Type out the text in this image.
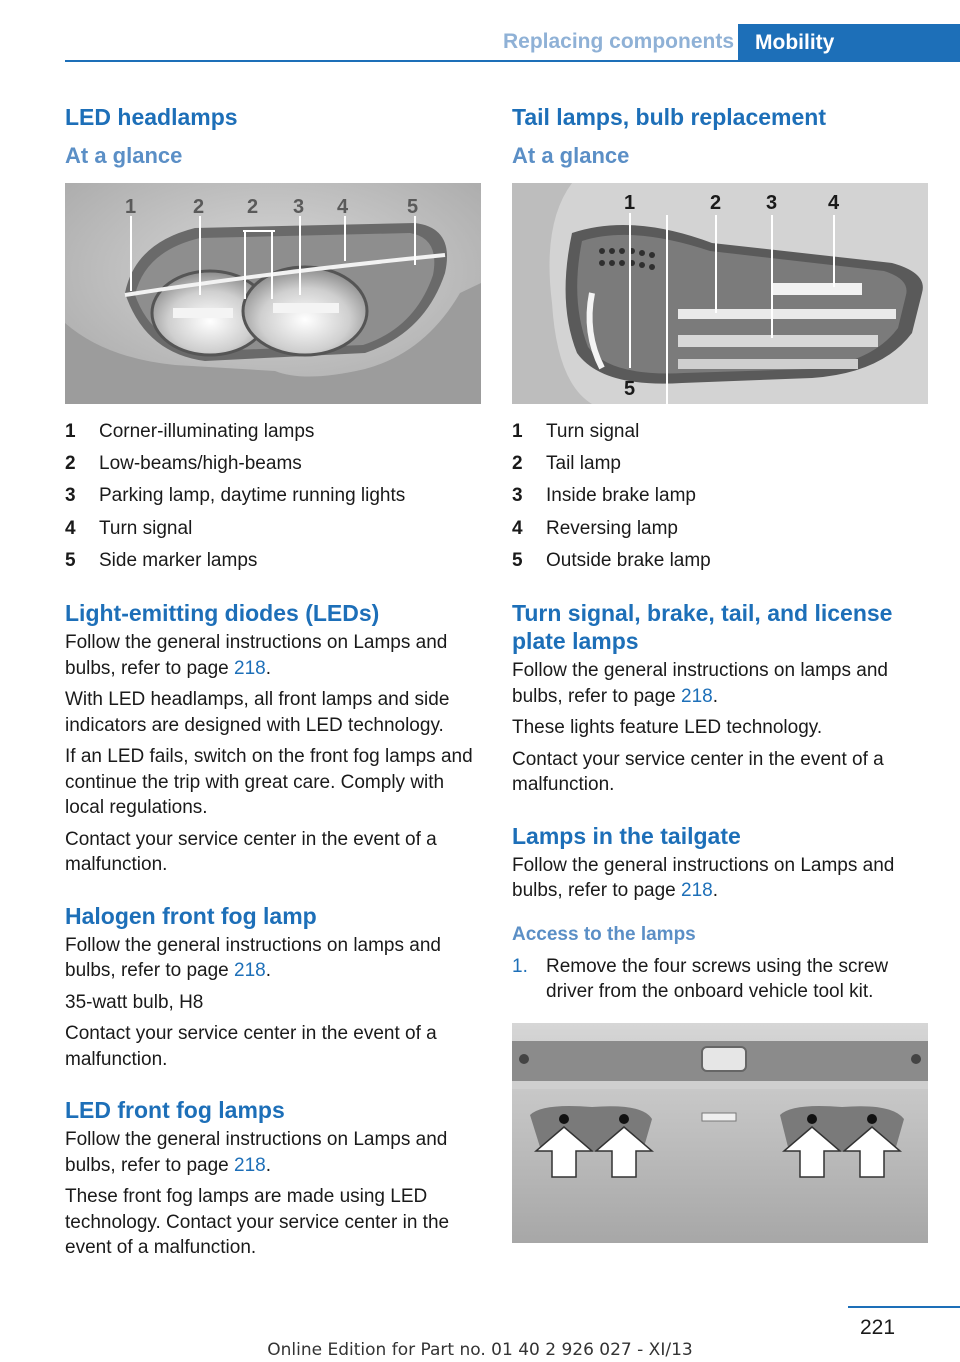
Replacing components	Mobility
LED headlamps
At a glance
1	2 2 3 4	5
1	Corner-illuminating lamps
2	Low-beams/high-beams
3	Parking lamp, daytime running lights
4	Turn signal
5	Side marker lamps
Light-emitting diodes (LEDs)

Follow the general instructions on Lamps and bulbs, refer to page 218.

With LED headlamps, all front lamps and side indicators are designed with LED technology.

If an LED fails, switch on the front fog lamps and continue the trip with great care. Comply with local regulations.

Contact your service center in the event of a malfunction.

Halogen front fog lamp

Follow the general instructions on lamps and bulbs, refer to page 218.

35-watt bulb, H8

Contact your service center in the event of a malfunction.

LED front fog lamps

Follow the general instructions on Lamps and bulbs, refer to page 218.

These front fog lamps are made using LED technology. Contact your service center in the event of a malfunction.

Tail lamps, bulb replacement
At a glance
1	2 3	4
5
1	Turn signal
2	Tail lamp
3	Inside brake lamp
4	Reversing lamp
5	Outside brake lamp
Turn signal, brake, tail, and license plate lamps

Follow the general instructions on lamps and bulbs, refer to page 218.

These lights feature LED technology.

Contact your service center in the event of a malfunction.

Lamps in the tailgate

Follow the general instructions on Lamps and bulbs, refer to page 218.

Access to the lamps
1. Remove the four screws using the screw driver from the onboard vehicle tool kit.
221
Online Edition for Part no. 01 40 2 926 027 - XI/13
